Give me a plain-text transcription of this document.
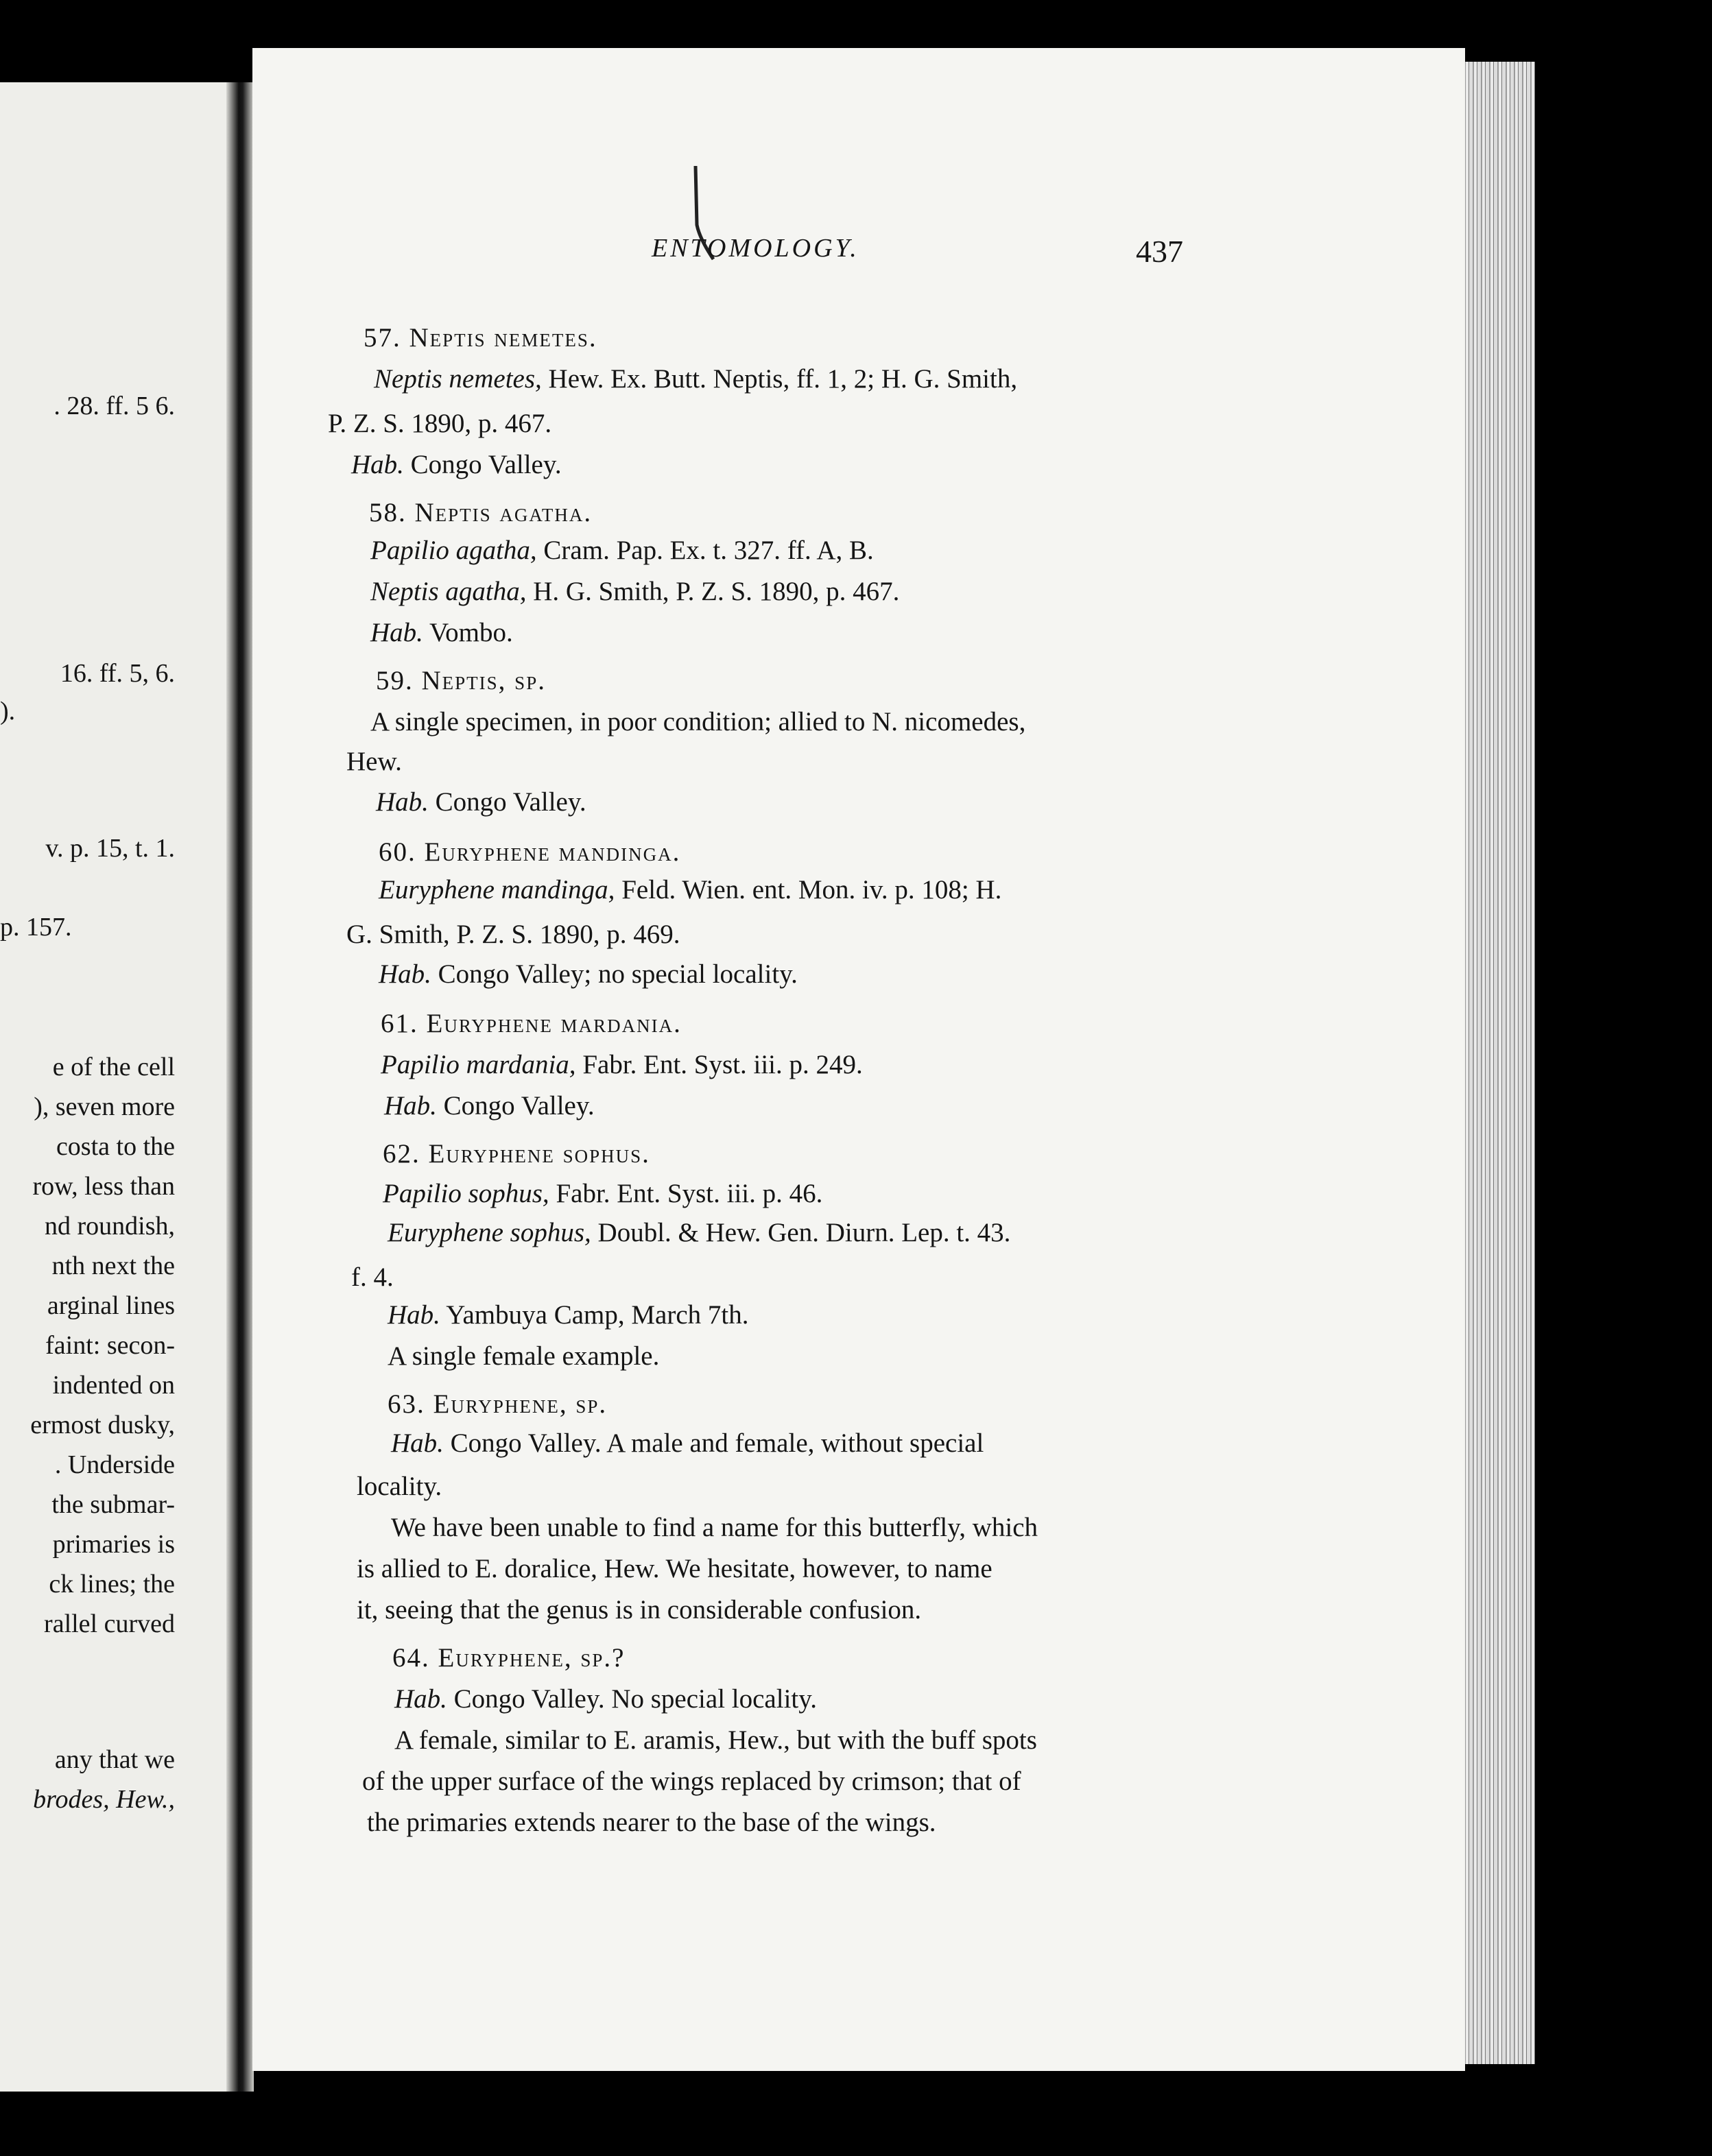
. 28. ff. 5 6.
16. ff. 5, 6.
).
v. p. 15, t. 1.
p. 157.
e of the cell
), seven more
costa to the
row, less than
nd roundish,
nth next the
arginal lines
faint: secon-
indented on
ermost dusky,
. Underside
the submar-
primaries is
ck lines; the
rallel curved
any that we
brodes, Hew.,
ENTOMOLOGY.	437
57. Neptis nemetes.
Neptis nemetes, Hew. Ex. Butt. Neptis, ff. 1, 2; H. G. Smith,
P. Z. S. 1890, p. 467.
Hab. Congo Valley.
58. Neptis agatha.
Papilio agatha, Cram. Pap. Ex. t. 327. ff. A, B.
Neptis agatha, H. G. Smith, P. Z. S. 1890, p. 467.
Hab. Vombo.
59. Neptis, sp.
A single specimen, in poor condition; allied to N. nicomedes,
Hew.
Hab. Congo Valley.
60. Euryphene mandinga.
Euryphene mandinga, Feld. Wien. ent. Mon. iv. p. 108; H.
G. Smith, P. Z. S. 1890, p. 469.
Hab. Congo Valley; no special locality.
61. Euryphene mardania.
Papilio mardania, Fabr. Ent. Syst. iii. p. 249.
Hab. Congo Valley.
62. Euryphene sophus.
Papilio sophus, Fabr. Ent. Syst. iii. p. 46.
Euryphene sophus, Doubl. & Hew. Gen. Diurn. Lep. t. 43.
f. 4.
Hab. Yambuya Camp, March 7th.
A single female example.
63. Euryphene, sp.
Hab. Congo Valley. A male and female, without special
locality.
We have been unable to find a name for this butterfly, which
is allied to E. doralice, Hew. We hesitate, however, to name
it, seeing that the genus is in considerable confusion.
64. Euryphene, sp.?
Hab. Congo Valley. No special locality.
A female, similar to E. aramis, Hew., but with the buff spots
of the upper surface of the wings replaced by crimson; that of
the primaries extends nearer to the base of the wings.
